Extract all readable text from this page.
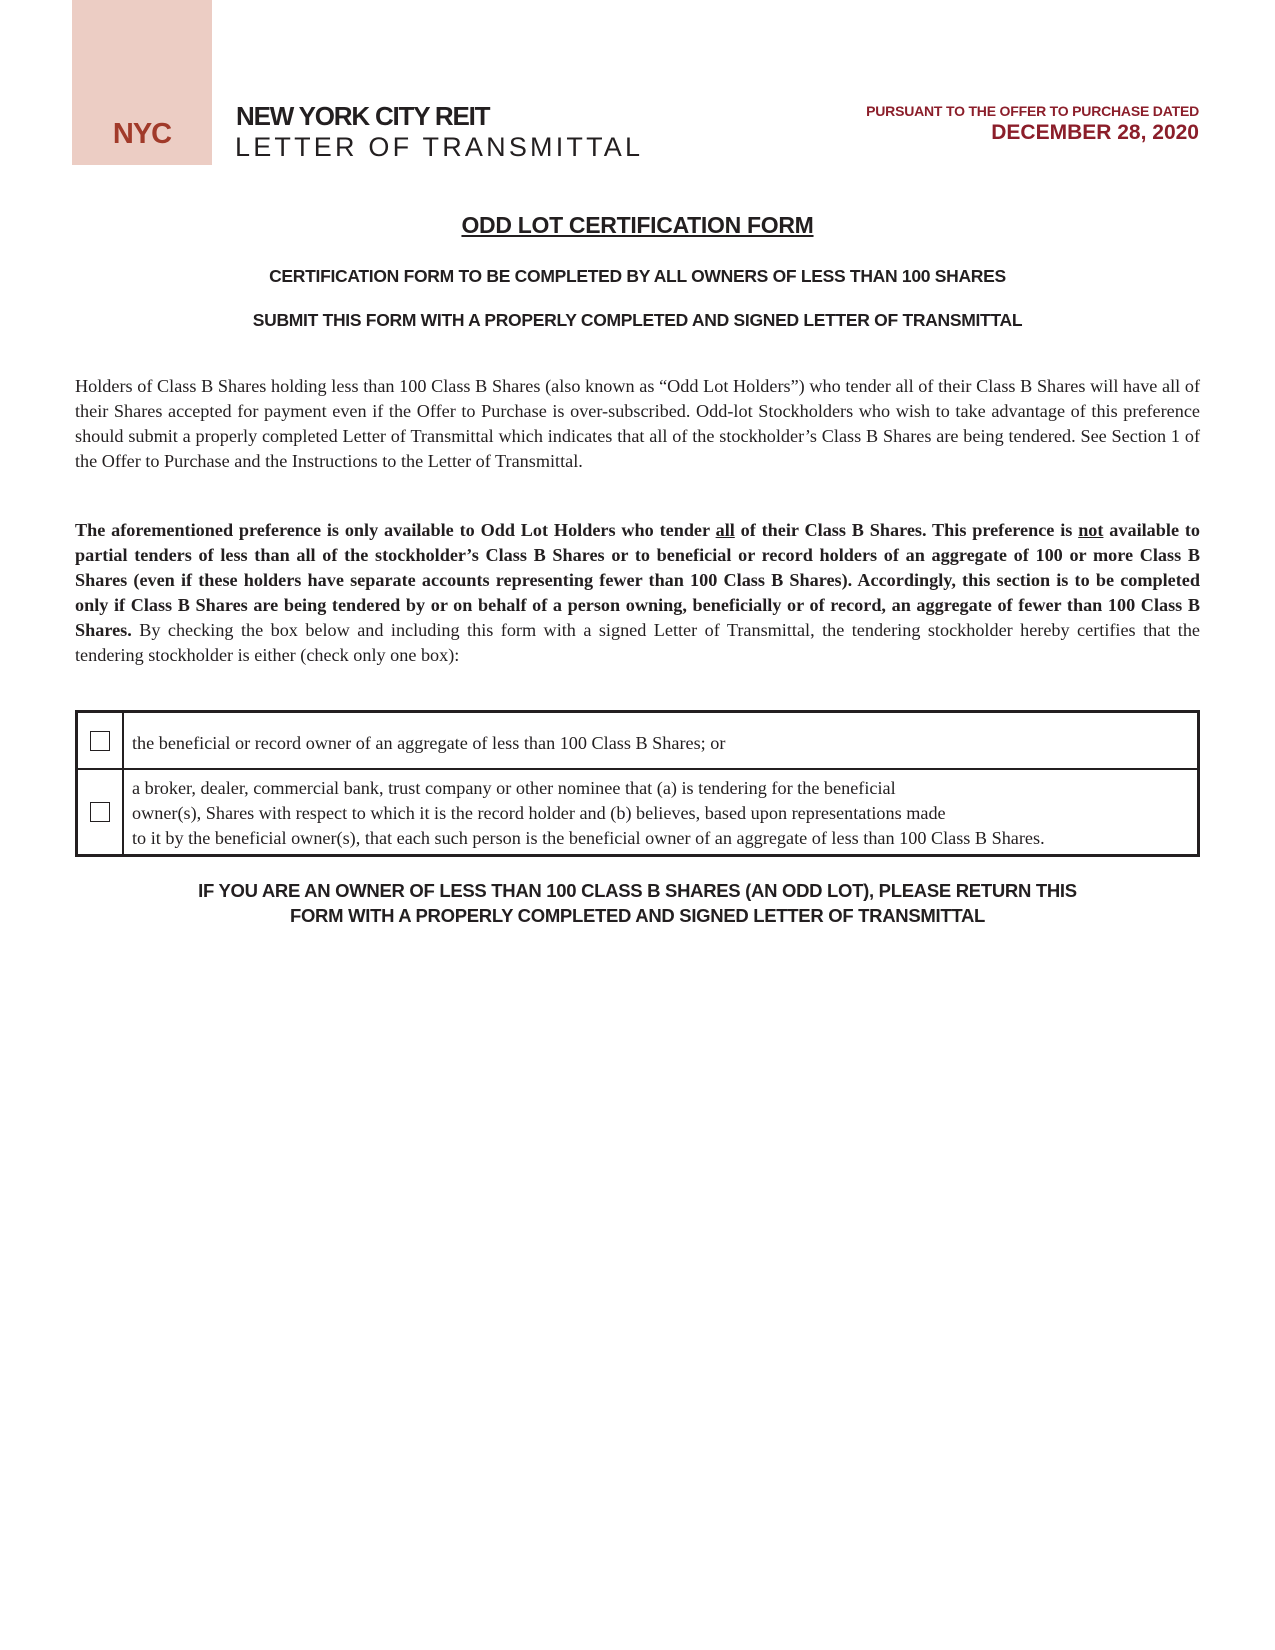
NYC
NEW YORK CITY REIT
LETTER OF TRANSMITTAL
PURSUANT TO THE OFFER TO PURCHASE DATED
DECEMBER 28, 2020
ODD LOT CERTIFICATION FORM
CERTIFICATION FORM TO BE COMPLETED BY ALL OWNERS OF LESS THAN 100 SHARES
SUBMIT THIS FORM WITH A PROPERLY COMPLETED AND SIGNED LETTER OF TRANSMITTAL

Holders of Class B Shares holding less than 100 Class B Shares (also known as “Odd Lot Holders”) who tender all of their Class B Shares will have all of their Shares accepted for payment even if the Offer to Purchase is over-subscribed. Odd-lot Stockholders who wish to take advantage of this preference should submit a properly completed Letter of Transmittal which indicates that all of the stockholder’s Class B Shares are being tendered. See Section 1 of the Offer to Purchase and the Instructions to the Letter of Transmittal.

The aforementioned preference is only available to Odd Lot Holders who tender all of their Class B Shares. This preference is not available to partial tenders of less than all of the stockholder’s Class B Shares or to beneficial or record holders of an aggregate of 100 or more Class B Shares (even if these holders have separate accounts representing fewer than 100 Class B Shares). Accordingly, this section is to be completed only if Class B Shares are being tendered by or on behalf of a person owning, beneficially or of record, an aggregate of fewer than 100 Class B Shares. By checking the box below and including this form with a signed Letter of Transmittal, the tendering stockholder hereby certifies that the tendering stockholder is either (check only one box):

	the beneficial or record owner of an aggregate of less than 100 Class B Shares; or
	a broker, dealer, commercial bank, trust company or other nominee that (a) is tendering for the beneficial
owner(s), Shares with respect to which it is the record holder and (b) believes, based upon representations made
to it by the beneficial owner(s), that each such person is the beneficial owner of an aggregate of less than 100 Class B Shares.
IF YOU ARE AN OWNER OF LESS THAN 100 CLASS B SHARES (AN ODD LOT), PLEASE RETURN THIS
FORM WITH A PROPERLY COMPLETED AND SIGNED LETTER OF TRANSMITTAL
